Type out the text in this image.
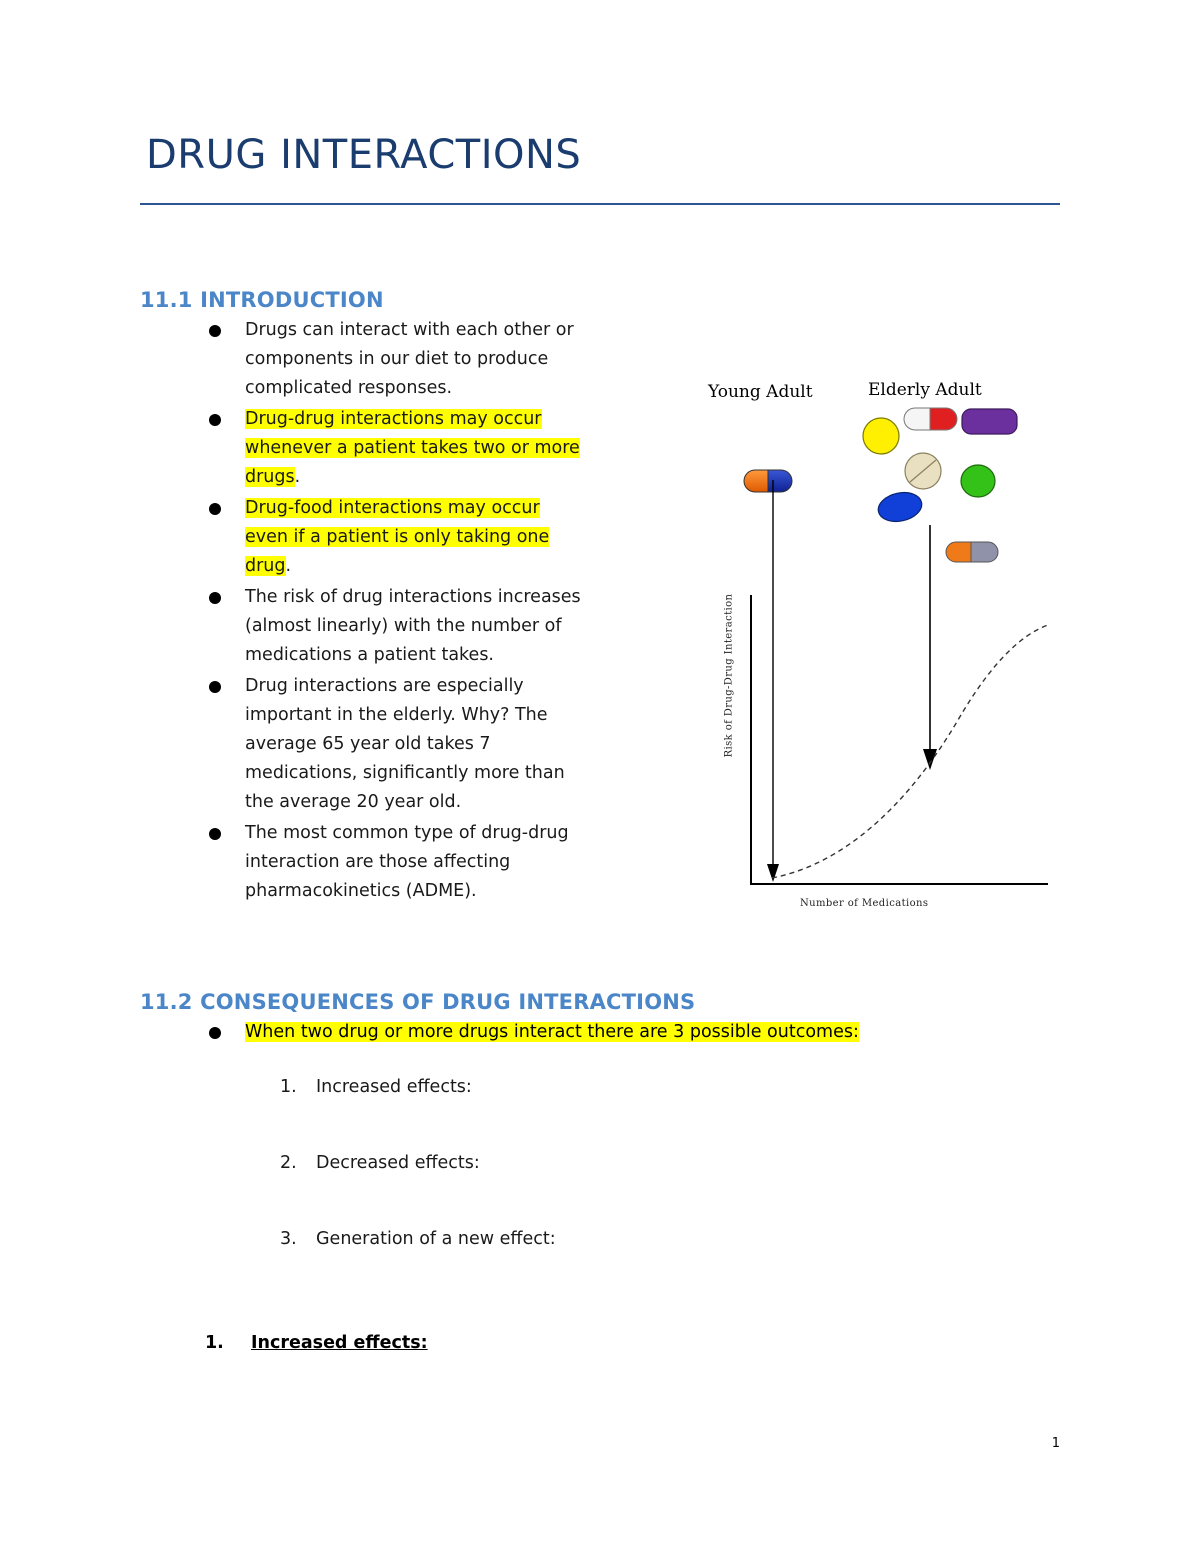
DRUG INTERACTIONS
11.1 INTRODUCTION
Drugs can interact with each other or components in our diet to produce complicated responses.
Drug-drug interactions may occur whenever a patient takes two or more drugs.
Drug-food interactions may occur even if a patient is only taking one drug.
The risk of drug interactions increases (almost linearly) with the number of medications a patient takes.
Drug interactions are especially important in the elderly. Why? The average 65 year old takes 7 medications, significantly more than the average 20 year old.
The most common type of drug-drug interaction are those affecting pharmacokinetics (ADME).
Young Adult	Elderly Adult
Risk of Drug-Drug Interaction
Number of Medications
11.2 CONSEQUENCES OF DRUG INTERACTIONS
When two drug or more drugs interact there are 3 possible outcomes:
1. Increased effects:
2. Decreased effects:
3. Generation of a new effect:
1. Increased effects:
1
